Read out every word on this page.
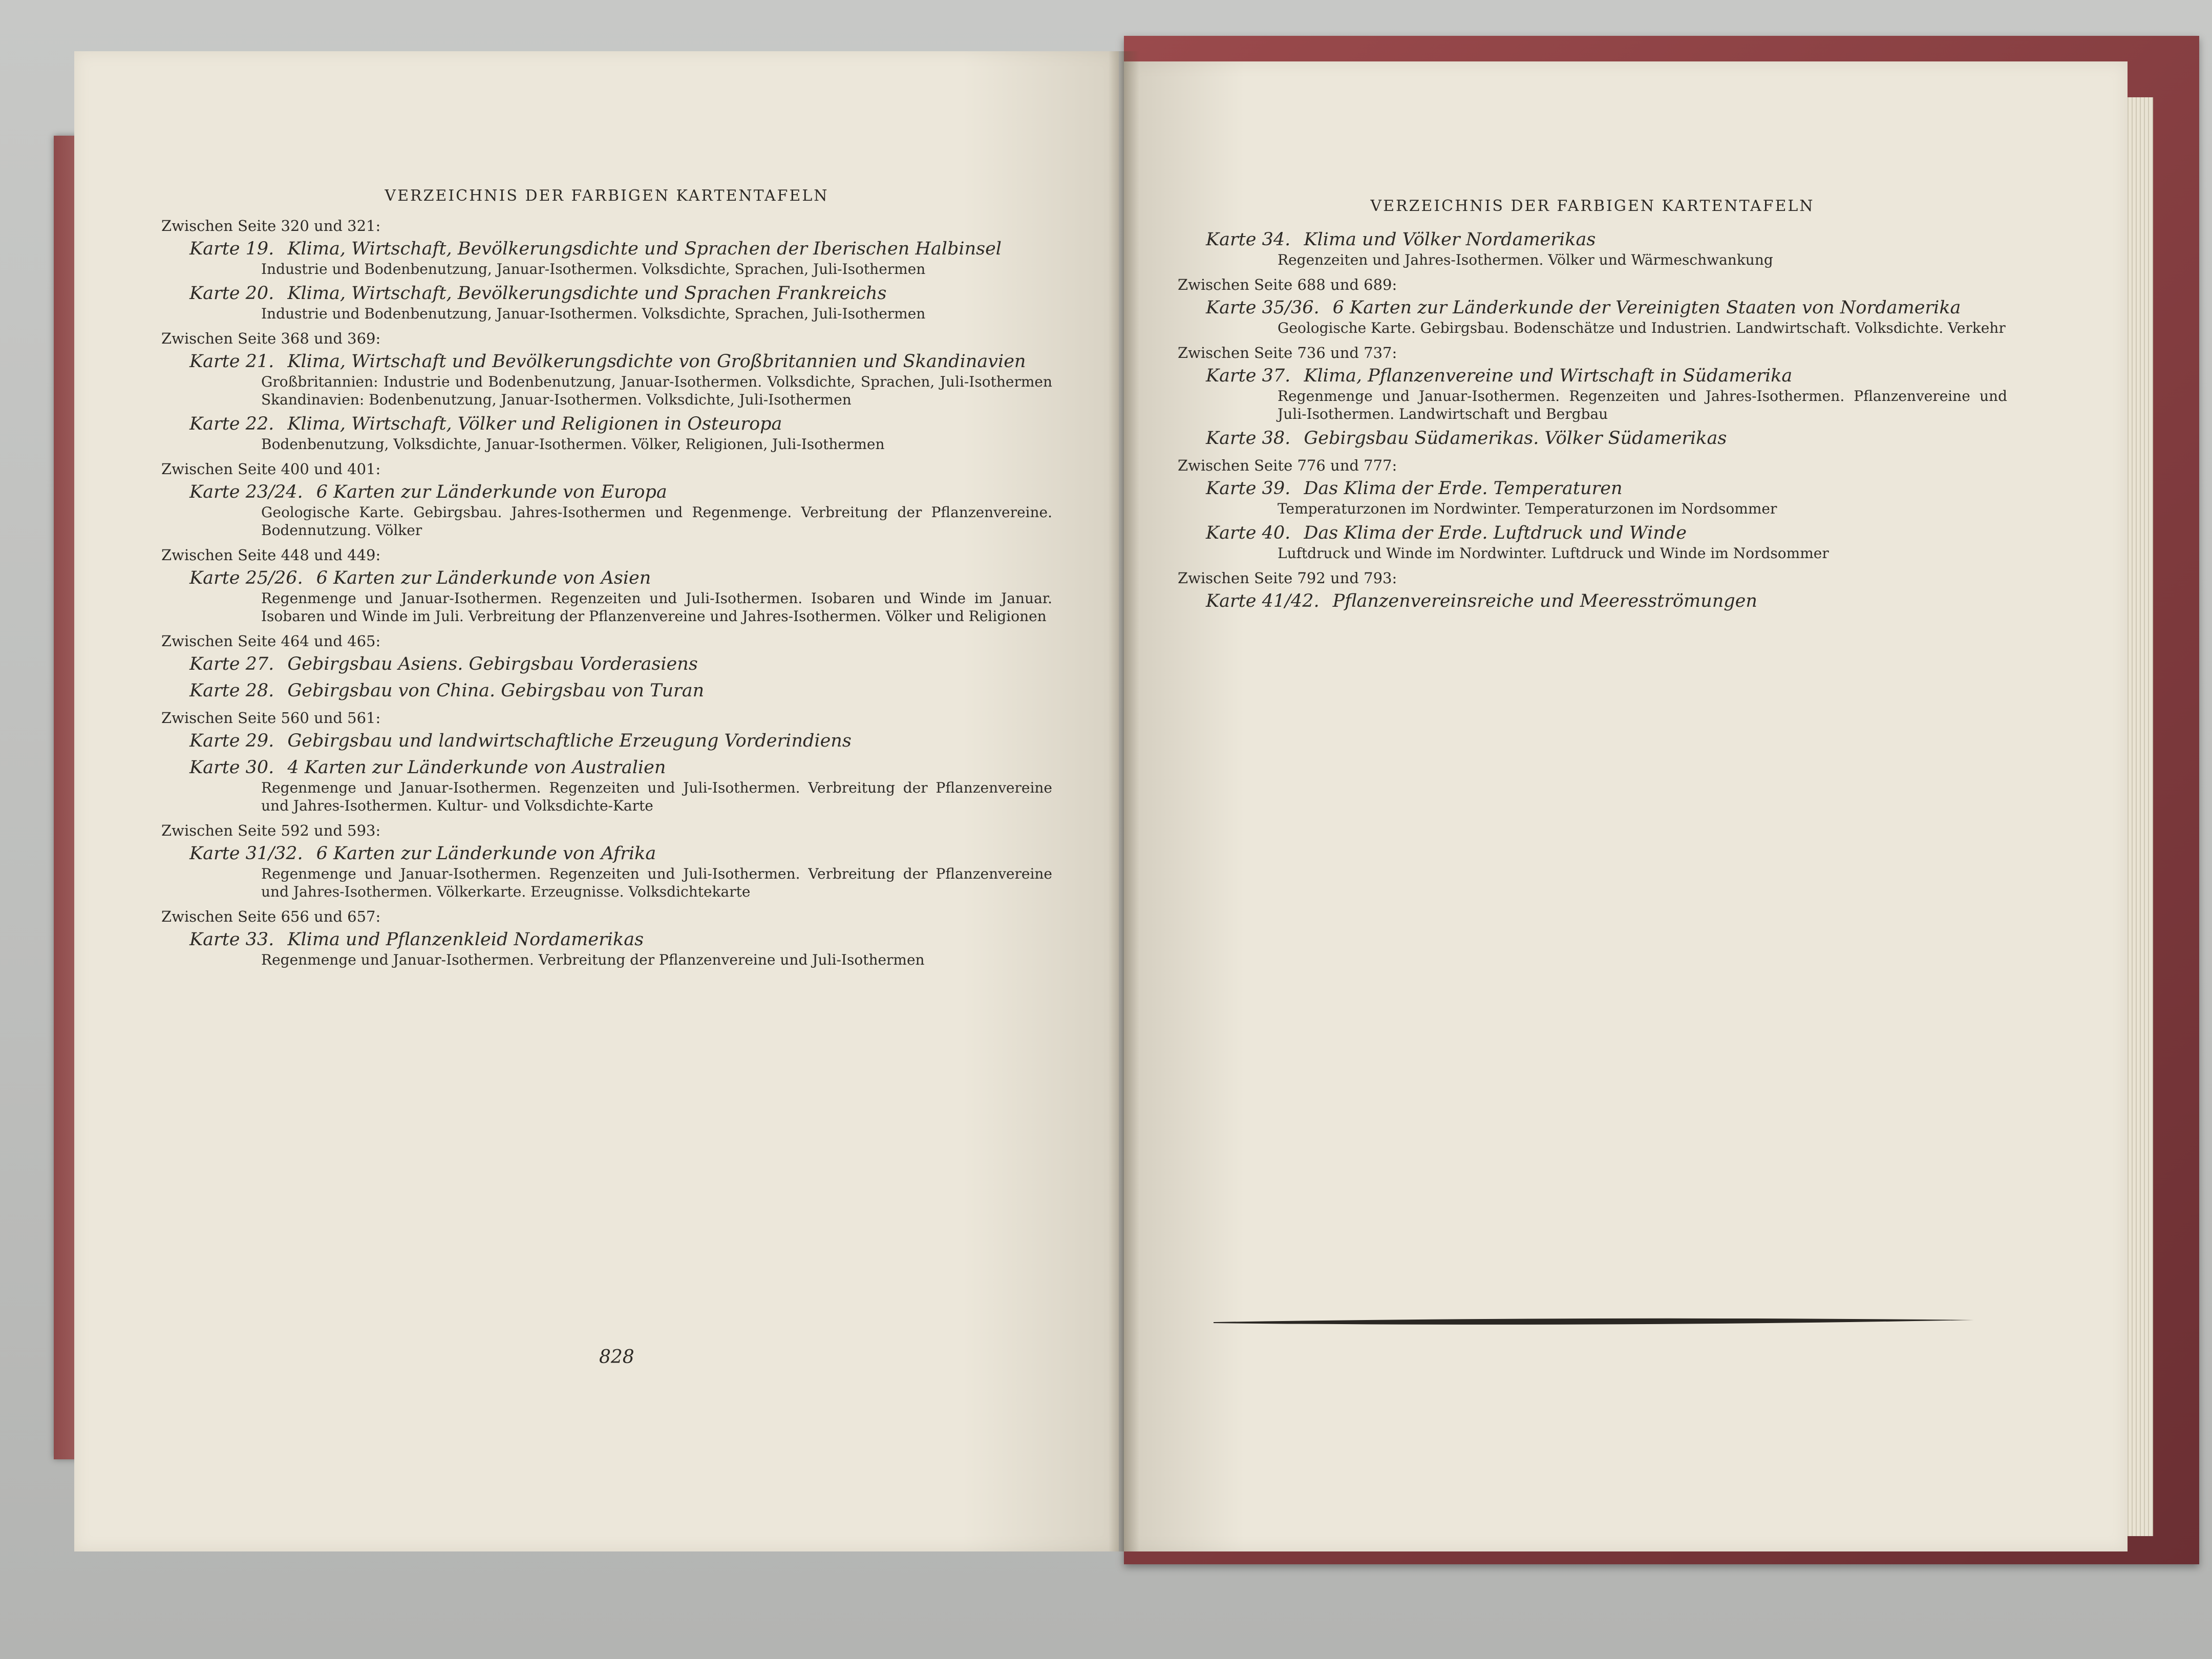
VERZEICHNIS DER FARBIGEN KARTENTAFELN
Zwischen Seite 320 und 321:
Karte 19. Klima, Wirtschaft, Bevölkerungsdichte und Sprachen der Iberischen Halbinsel
Industrie und Bodenbenutzung, Januar-Isothermen. Volksdichte, Sprachen, Juli-Isothermen
Karte 20. Klima, Wirtschaft, Bevölkerungsdichte und Sprachen Frankreichs
Industrie und Bodenbenutzung, Januar-Isothermen. Volksdichte, Sprachen, Juli-Isothermen
Zwischen Seite 368 und 369:
Karte 21. Klima, Wirtschaft und Bevölkerungsdichte von Großbritannien und Skandinavien
Großbritannien: Industrie und Bodenbenutzung, Januar-Isothermen. Volksdichte, Sprachen, Juli-Isothermen Skandinavien: Bodenbenutzung, Januar-Isothermen. Volksdichte, Juli-Isothermen
Karte 22. Klima, Wirtschaft, Völker und Religionen in Osteuropa
Bodenbenutzung, Volksdichte, Januar-Isothermen. Völker, Religionen, Juli-Isothermen
Zwischen Seite 400 und 401:
Karte 23/24. 6 Karten zur Länderkunde von Europa
Geologische Karte. Gebirgsbau. Jahres-Isothermen und Regenmenge. Verbreitung der Pflanzenvereine. Bodennutzung. Völker
Zwischen Seite 448 und 449:
Karte 25/26. 6 Karten zur Länderkunde von Asien
Regenmenge und Januar-Isothermen. Regenzeiten und Juli-Isothermen. Isobaren und Winde im Januar. Isobaren und Winde im Juli. Verbreitung der Pflanzenvereine und Jahres-Isothermen. Völker und Religionen
Zwischen Seite 464 und 465:
Karte 27. Gebirgsbau Asiens. Gebirgsbau Vorderasiens
Karte 28. Gebirgsbau von China. Gebirgsbau von Turan
Zwischen Seite 560 und 561:
Karte 29. Gebirgsbau und landwirtschaftliche Erzeugung Vorderindiens
Karte 30. 4 Karten zur Länderkunde von Australien
Regenmenge und Januar-Isothermen. Regenzeiten und Juli-Isothermen. Verbreitung der Pflanzenvereine und Jahres-Isothermen. Kultur- und Volksdichte-Karte
Zwischen Seite 592 und 593:
Karte 31/32. 6 Karten zur Länderkunde von Afrika
Regenmenge und Januar-Isothermen. Regenzeiten und Juli-Isothermen. Verbreitung der Pflanzenvereine und Jahres-Isothermen. Völkerkarte. Erzeugnisse. Volksdichtekarte
Zwischen Seite 656 und 657:
Karte 33. Klima und Pflanzenkleid Nordamerikas
Regenmenge und Januar-Isothermen. Verbreitung der Pflanzenvereine und Juli-Isothermen
828
VERZEICHNIS DER FARBIGEN KARTENTAFELN
Karte 34. Klima und Völker Nordamerikas
Regenzeiten und Jahres-Isothermen. Völker und Wärmeschwankung
Zwischen Seite 688 und 689:
Karte 35/36. 6 Karten zur Länderkunde der Vereinigten Staaten von Nordamerika
Geologische Karte. Gebirgsbau. Bodenschätze und Industrien. Landwirtschaft. Volksdichte. Verkehr
Zwischen Seite 736 und 737:
Karte 37. Klima, Pflanzenvereine und Wirtschaft in Südamerika
Regenmenge und Januar-Isothermen. Regenzeiten und Jahres-Isothermen. Pflanzenvereine und Juli-Isothermen. Landwirtschaft und Bergbau
Karte 38. Gebirgsbau Südamerikas. Völker Südamerikas
Zwischen Seite 776 und 777:
Karte 39. Das Klima der Erde. Temperaturen
Temperaturzonen im Nordwinter. Temperaturzonen im Nordsommer
Karte 40. Das Klima der Erde. Luftdruck und Winde
Luftdruck und Winde im Nordwinter. Luftdruck und Winde im Nordsommer
Zwischen Seite 792 und 793:
Karte 41/42. Pflanzenvereinsreiche und Meeresströmungen
